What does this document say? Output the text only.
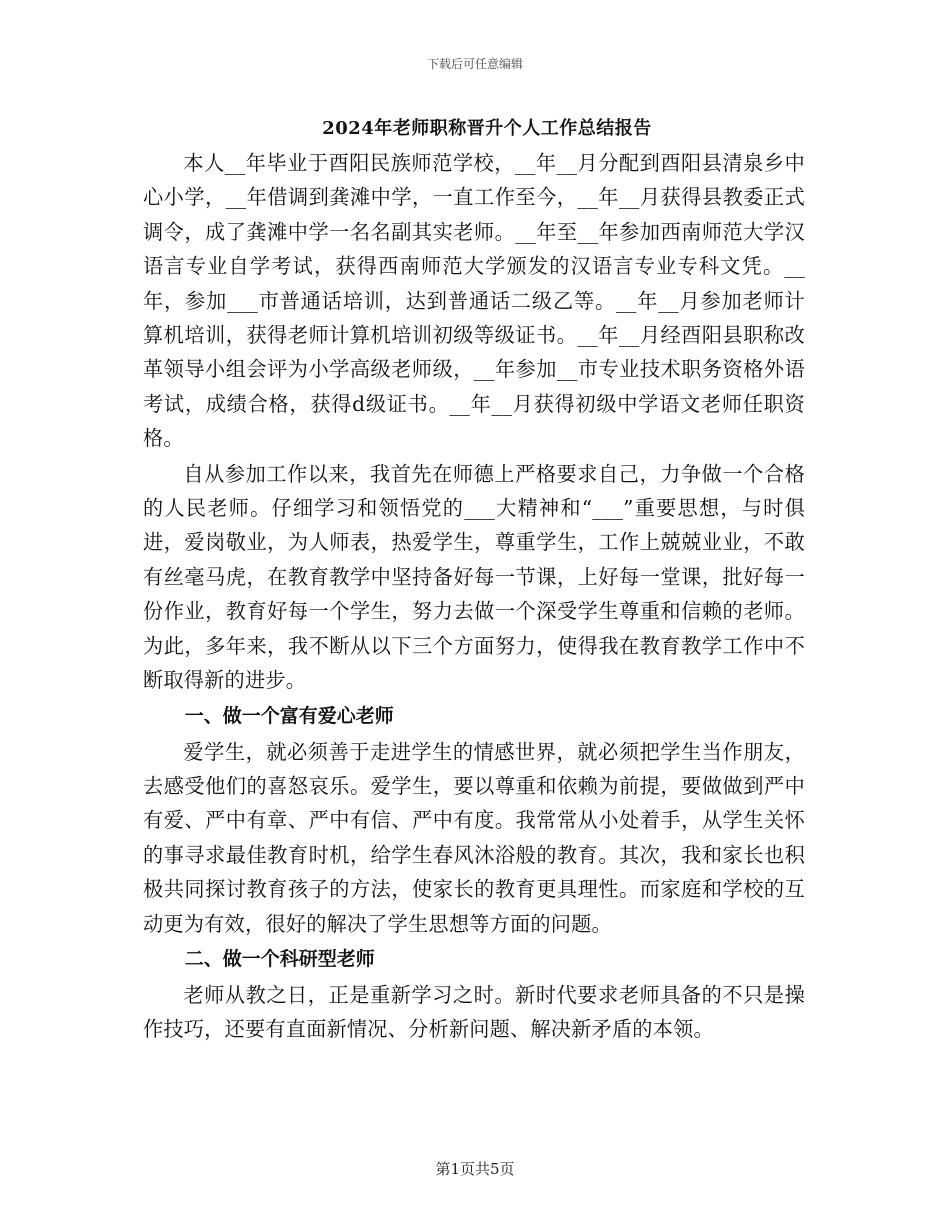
下载后可任意编辑
2024年老师职称晋升个人工作总结报告

本人__年毕业于酉阳民族师范学校，__年__月分配到酉阳县清泉乡中心小学，__年借调到龚滩中学，一直工作至今，__年__月获得县教委正式调令，成了龚滩中学一名名副其实老师。__年至__年参加西南师范大学汉语言专业自学考试，获得西南师范大学颁发的汉语言专业专科文凭。__年，参加___市普通话培训，达到普通话二级乙等。__年__月参加老师计算机培训，获得老师计算机培训初级等级证书。__年__月经酉阳县职称改革领导小组会评为小学高级老师级，__年参加__市专业技术职务资格外语考试，成绩合格，获得d级证书。__年__月获得初级中学语文老师任职资格。

自从参加工作以来，我首先在师德上严格要求自己，力争做一个合格的人民老师。仔细学习和领悟党的___大精神和“___”重要思想，与时俱进，爱岗敬业，为人师表，热爱学生，尊重学生，工作上兢兢业业，不敢有丝毫马虎，在教育教学中坚持备好每一节课，上好每一堂课，批好每一份作业，教育好每一个学生，努力去做一个深受学生尊重和信赖的老师。为此，多年来，我不断从以下三个方面努力，使得我在教育教学工作中不断取得新的进步。

一、做一个富有爱心老师

爱学生，就必须善于走进学生的情感世界，就必须把学生当作朋友，去感受他们的喜怒哀乐。爱学生，要以尊重和依赖为前提，要做做到严中有爱、严中有章、严中有信、严中有度。我常常从小处着手，从学生关怀的事寻求最佳教育时机，给学生春风沐浴般的教育。其次，我和家长也积极共同探讨教育孩子的方法，使家长的教育更具理性。而家庭和学校的互动更为有效，很好的解决了学生思想等方面的问题。

二、做一个科研型老师

老师从教之日，正是重新学习之时。新时代要求老师具备的不只是操作技巧，还要有直面新情况、分析新问题、解决新矛盾的本领。

第1页共5页
